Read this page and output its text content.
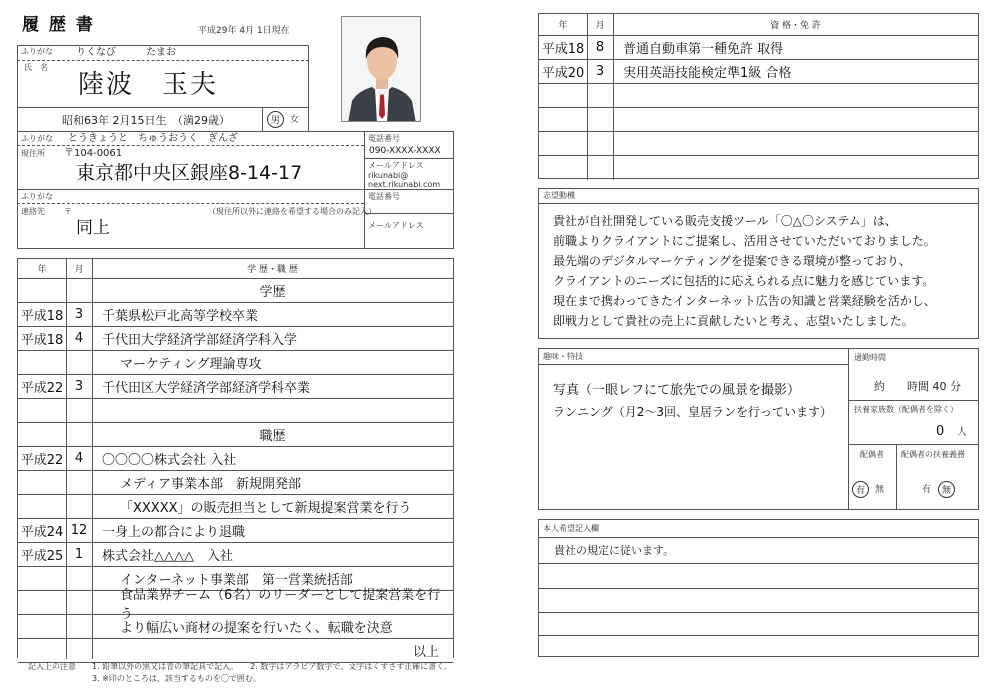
履 歴 書	平成29年 4月 1日現在
ふりがな りくなび　　　たまお
氏　名
陸波　玉夫
昭和63年 2月15日生　（満29歳）	男	女
ふりがな とうきょうと　ちゅうおうく　ぎんざ
現住所 〒104-0061
東京都中央区銀座8-14-17
電話番号
090-XXXX-XXXX
メールアドレス
rikunabi@
next.rikunabi.com
ふりがな
連絡先 〒	（現住所以外に連絡を希望する場合のみ記入）
同上
電話番号
メールアドレス
年	月	学 歴・職 歴
学歴
平成18 3	千葉県松戸北高等学校卒業
平成18 4	千代田大学経済学部経済学科入学
マーケティング理論専攻
平成22 3	千代田区大学経済学部経済学科卒業
職歴
平成22 4	〇〇〇〇株式会社 入社
メディア事業本部　新規開発部
「XXXXX」の販売担当として新規提案営業を行う
平成24 12	一身上の都合により退職
平成25 1	株式会社△△△△　入社
インターネット事業部　第一営業統括部
食品業界チーム（6名）のリーダーとして提案営業を行う
より幅広い商材の提案を行いたく、転職を決意
以上
記入上の注意 1. 鉛筆以外の黒又は青の筆記具で記入。　　2. 数字はアラビア数字で、文字はくずさず正確に書く。
3. ※印のところは、該当するものを〇で囲む。
年	月	資 格・免 許
平成18 8	普通自動車第一種免許 取得
平成20 3	実用英語技能検定準1級 合格
志望動機
貴社が自社開発している販売支援ツール「〇△〇システム」は、
前職よりクライアントにご提案し、活用させていただいておりました。
最先端のデジタルマーケティングを提案できる環境が整っており、
クライアントのニーズに包括的に応えられる点に魅力を感じています。
現在まで携わってきたインターネット広告の知識と営業経験を活かし、
即戦力として貴社の売上に貢献したいと考え、志望いたしました。
趣味・特技
写真（一眼レフにて旅先での風景を撮影）
ランニング（月2〜3回、皇居ランを行っています）
通勤時間
約　　時間 40 分
扶養家族数（配偶者を除く）
0 人
配偶者
有	無
配偶者の扶養義務
有	無
本人希望記入欄
貴社の規定に従います。
